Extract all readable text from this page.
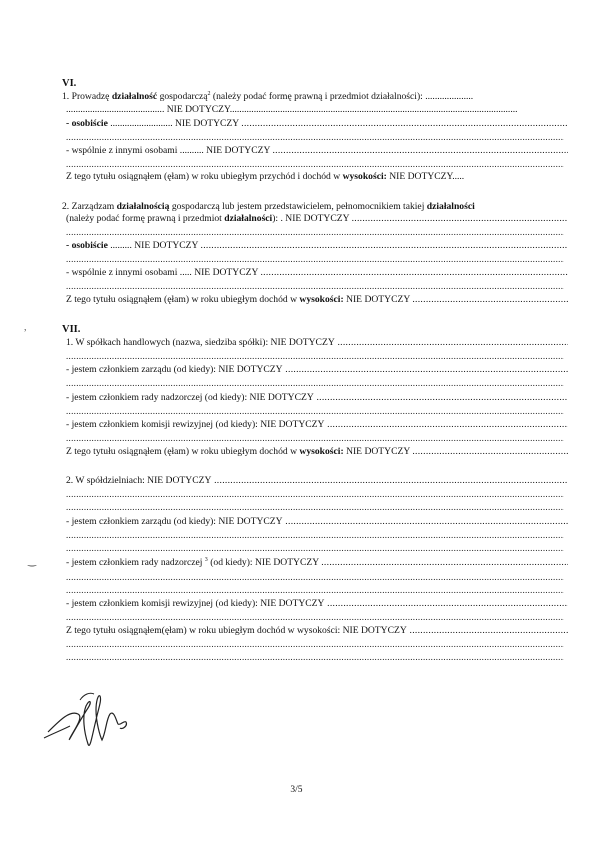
VI.
1. Prowadzę działalność gospodarczą$^2$ (należy podać formę prawną i przedmiot działalności): ....................
......................................... NIE DOTYCZY........................................................................................................................
- osobiście .......................... NIE DOTYCZY .....
.....
- wspólnie z innymi osobami .......... NIE DOTYCZY .....
.....
Z tego tytułu osiągnąłem (ęłam) w roku ubiegłym przychód i dochód w wysokości: NIE DOTYCZY.....
2. Zarządzam działalnością gospodarczą lub jestem przedstawicielem, pełnomocnikiem takiej działalności
(należy podać formę prawną i przedmiot działalności): . NIE DOTYCZY .....
.....
- osobiście ......... NIE DOTYCZY .....
.....
- wspólnie z innymi osobami ..... NIE DOTYCZY .....
.....
Z tego tytułu osiągnąłem (ęłam) w roku ubiegłym dochód w wysokości: NIE DOTYCZY .....
VII.
1. W spółkach handlowych (nazwa, siedziba spółki): NIE DOTYCZY .....
.....
- jestem członkiem zarządu (od kiedy): NIE DOTYCZY .....
.....
- jestem członkiem rady nadzorczej (od kiedy): NIE DOTYCZY .....
.....
- jestem członkiem komisji rewizyjnej (od kiedy): NIE DOTYCZY .....
.....
Z tego tytułu osiągnąłem (ęłam) w roku ubiegłym dochód w wysokości: NIE DOTYCZY .....
2. W spółdzielniach: NIE DOTYCZY .....
.....
.....
- jestem członkiem zarządu (od kiedy): NIE DOTYCZY .....
.....
.....
- jestem członkiem rady nadzorczej $^3$ (od kiedy): NIE DOTYCZY .....
.....
.....
- jestem członkiem komisji rewizyjnej (od kiedy): NIE DOTYCZY .....
.....
Z tego tytułu osiągnąłem(ęłam) w roku ubiegłym dochód w wysokości: NIE DOTYCZY .....
.....
.....
,
‿
3/5
